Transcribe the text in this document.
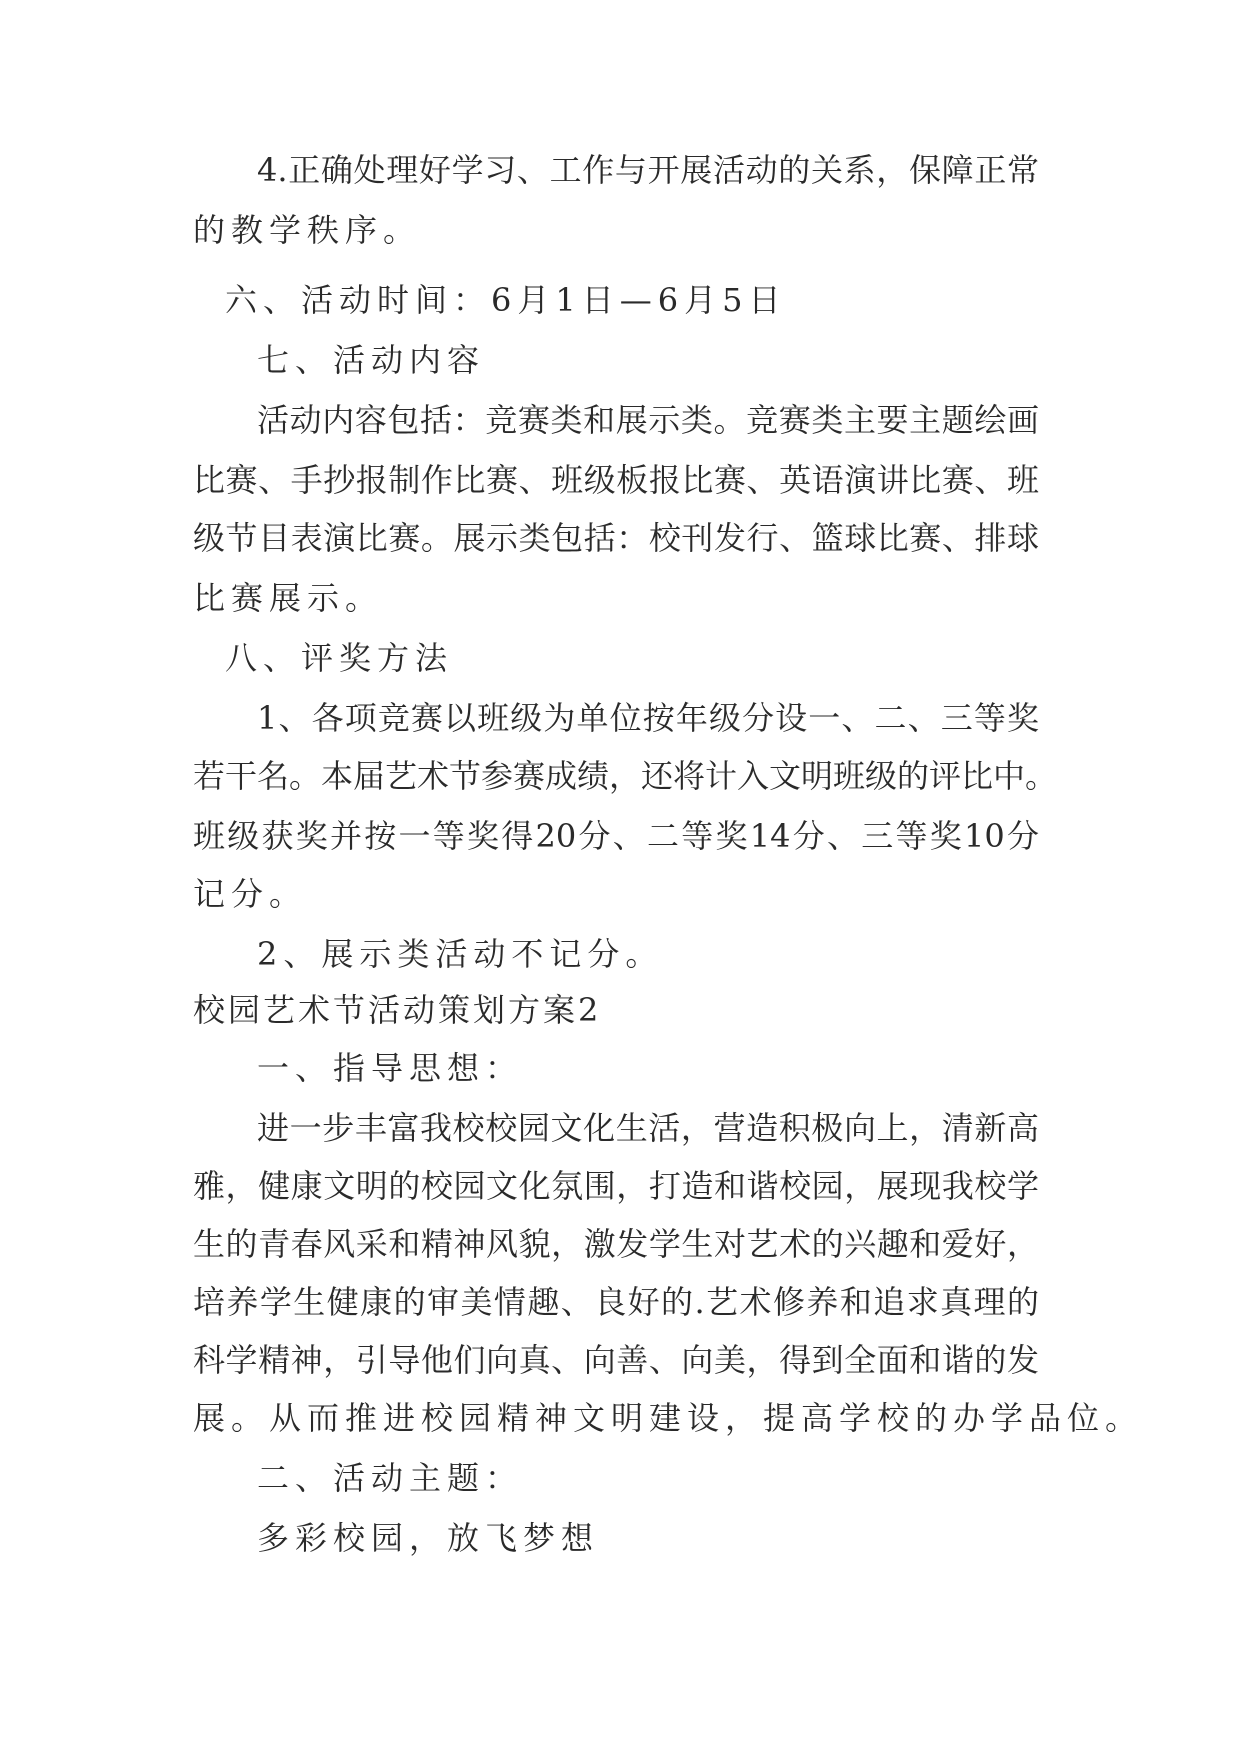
4.正确处理好学习、工作与开展活动的关系，保障正常
的教学秩序。
六、活动时间：6月1日—6月5日
七、活动内容
活动内容包括：竞赛类和展示类。竞赛类主要主题绘画
比赛、手抄报制作比赛、班级板报比赛、英语演讲比赛、班
级节目表演比赛。展示类包括：校刊发行、篮球比赛、排球
比赛展示。
八、评奖方法
1、各项竞赛以班级为单位按年级分设一、二、三等奖
若干名。本届艺术节参赛成绩，还将计入文明班级的评比中。
班级获奖并按一等奖得20分、二等奖14分、三等奖10分
记分。
2、展示类活动不记分。
校园艺术节活动策划方案2
一、指导思想：
进一步丰富我校校园文化生活，营造积极向上，清新高
雅，健康文明的校园文化氛围，打造和谐校园，展现我校学
生的青春风采和精神风貌，激发学生对艺术的兴趣和爱好，
培养学生健康的审美情趣、良好的.艺术修养和追求真理的
科学精神，引导他们向真、向善、向美，得到全面和谐的发
展。从而推进校园精神文明建设，提高学校的办学品位。
二、活动主题：
多彩校园，放飞梦想
